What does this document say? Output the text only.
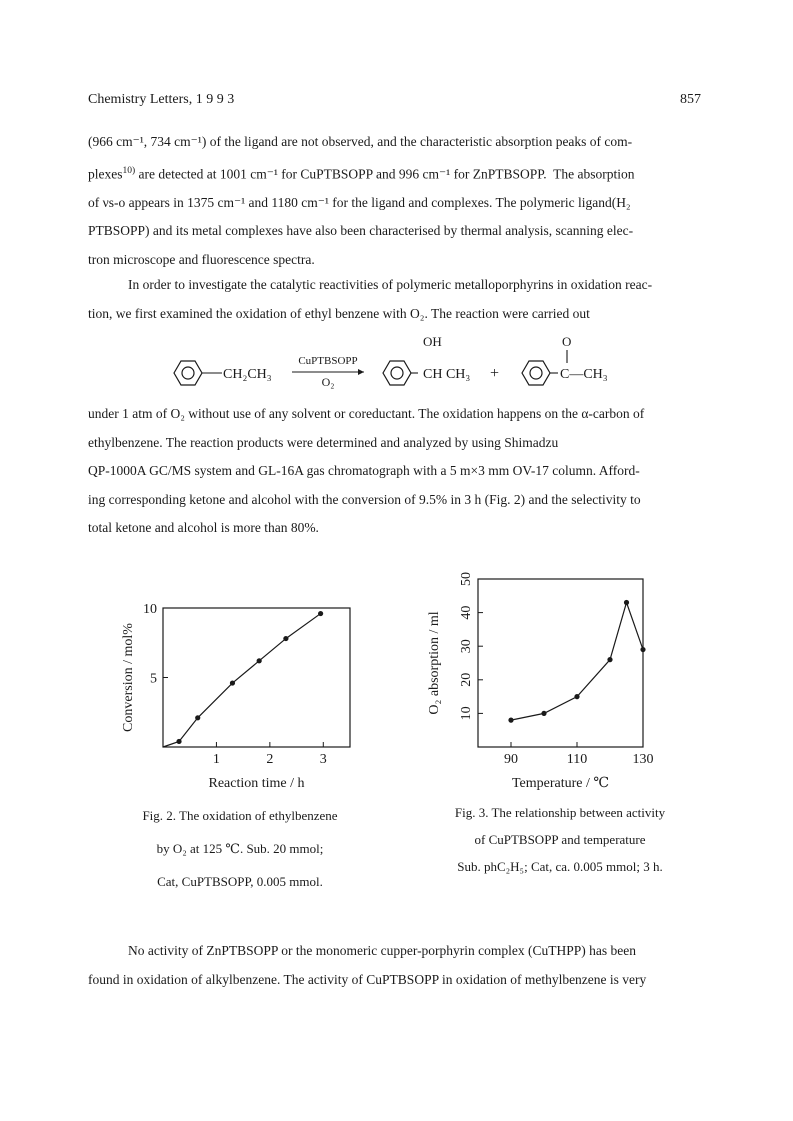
Chemistry Letters, 1 9 9 3	857
(966 cm⁻¹, 734 cm⁻¹) of the ligand are not observed, and the characteristic absorption peaks of com-
plexes$^{10)}$ are detected at 1001 cm⁻¹ for CuPTBSOPP and 996 cm⁻¹ for ZnPTBSOPP.  The absorption
of νs-o appears in 1375 cm⁻¹ and 1180 cm⁻¹ for the ligand and complexes. The polymeric ligand(H₂
PTBSOPP) and its metal complexes have also been characterised by thermal analysis, scanning elec-
tron microscope and fluorescence spectra.
In order to investigate the catalytic reactivities of polymeric metalloporphyrins in oxidation reac-
tion, we first examined the oxidation of ethyl benzene with O₂. The reaction were carried out
CH₂CH₃
CuPTBSOPP
O₂
OH
CH CH₃ +
O
C—CH₃
under 1 atm of O₂ without use of any solvent or coreductant. The oxidation happens on the α-carbon of
ethylbenzene. The reaction products were determined and analyzed by using Shimadzu
QP-1000A GC/MS system and GL-16A gas chromatograph with a 5 m×3 mm OV-17 column. Afford-
ing corresponding ketone and alcohol with the conversion of 9.5% in 3 h (Fig. 2) and the selectivity to
total ketone and alcohol is more than 80%.
1	2	3
5
10
Reaction time / h
Conversion / mol%
Fig. 2. The oxidation of ethylbenzene
by O₂ at 125 ℃. Sub. 20 mmol;
Cat, CuPTBSOPP, 0.005 mmol.
90	110	130
10
20
30
40
50
Temperature / ℃
O₂ absorption / ml
Fig. 3. The relationship between activity
of CuPTBSOPP and temperature
Sub. phC₂H₅; Cat, ca. 0.005 mmol; 3 h.
No activity of ZnPTBSOPP or the monomeric cupper-porphyrin complex (CuTHPP) has been
found in oxidation of alkylbenzene. The activity of CuPTBSOPP in oxidation of methylbenzene is very
